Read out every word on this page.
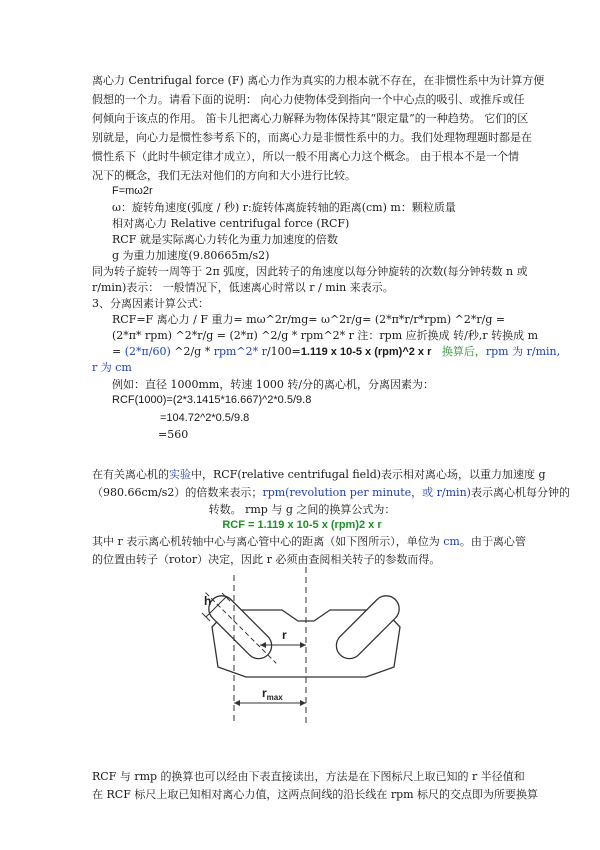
离心力 Centrifugal force (F) 离心力作为真实的力根本就不存在，在非惯性系中为计算方便
假想的一个力。请看下面的说明： 向心力使物体受到指向一个中心点的吸引、或推斥或任
何倾向于该点的作用。 笛卡儿把离心力解释为物体保持其“限定量”的一种趋势。 它们的区
别就是，向心力是惯性参考系下的，而离心力是非惯性系中的力。我们处理物理题时都是在
惯性系下（此时牛顿定律才成立），所以一般不用离心力这个概念。 由于根本不是一个情
况下的概念，我们无法对他们的方向和大小进行比较。
F=mω2r
ω：旋转角速度(弧度 / 秒) r:旋转体离旋转轴的距离(cm) m：颗粒质量
相对离心力 Relative centrifugal force (RCF)
RCF 就是实际离心力转化为重力加速度的倍数
g 为重力加速度(9.80665m/s2)
同为转子旋转一周等于 2π 弧度，因此转子的角速度以每分钟旋转的次数(每分钟转数 n 或
r/min)表示： 一般情况下，低速离心时常以 r / min 来表示。
3、分离因素计算公式：
RCF=F 离心力 / F 重力= mω^2r/mg= ω^2r/g= (2*π*r/r*rpm) ^2*r/g =
(2*π* rpm) ^2*r/g = (2*π) ^2/g * rpm^2* r 注：rpm 应折换成 转/秒,r 转换成 m
= (2*π/60) ^2/g * rpm^2* r/100=1.119 x 10-5 x (rpm)^2 x r 换算后，rpm 为 r/min,
r 为 cm
例如：直径 1000mm，转速 1000 转/分的离心机，分离因素为：
RCF(1000)=(2*3.1415*16.667)^2*0.5/9.8
=104.72^2*0.5/9.8
=560
在有关离心机的实验中，RCF(relative centrifugal field)表示相对离心场，以重力加速度 g
（980.66cm/s2）的倍数来表示；rpm(revolution per minute，或 r/min)表示离心机每分钟的
转数。 rmp 与 g 之间的换算公式为：
RCF = 1.119 x 10-5 x (rpm)2 x r
其中 r 表示离心机转轴中心与离心管中心的距离（如下图所示），单位为 cm。由于离心管
的位置由转子（rotor）决定，因此 r 必须由查阅相关转子的参数而得。
h
r
$r_{max}$
RCF 与 rmp 的换算也可以经由下表直接读出，方法是在下图标尺上取已知的 r 半径值和
在 RCF 标尺上取已知相对离心力值，这两点间线的沿长线在 rpm 标尺的交点即为所要换算
